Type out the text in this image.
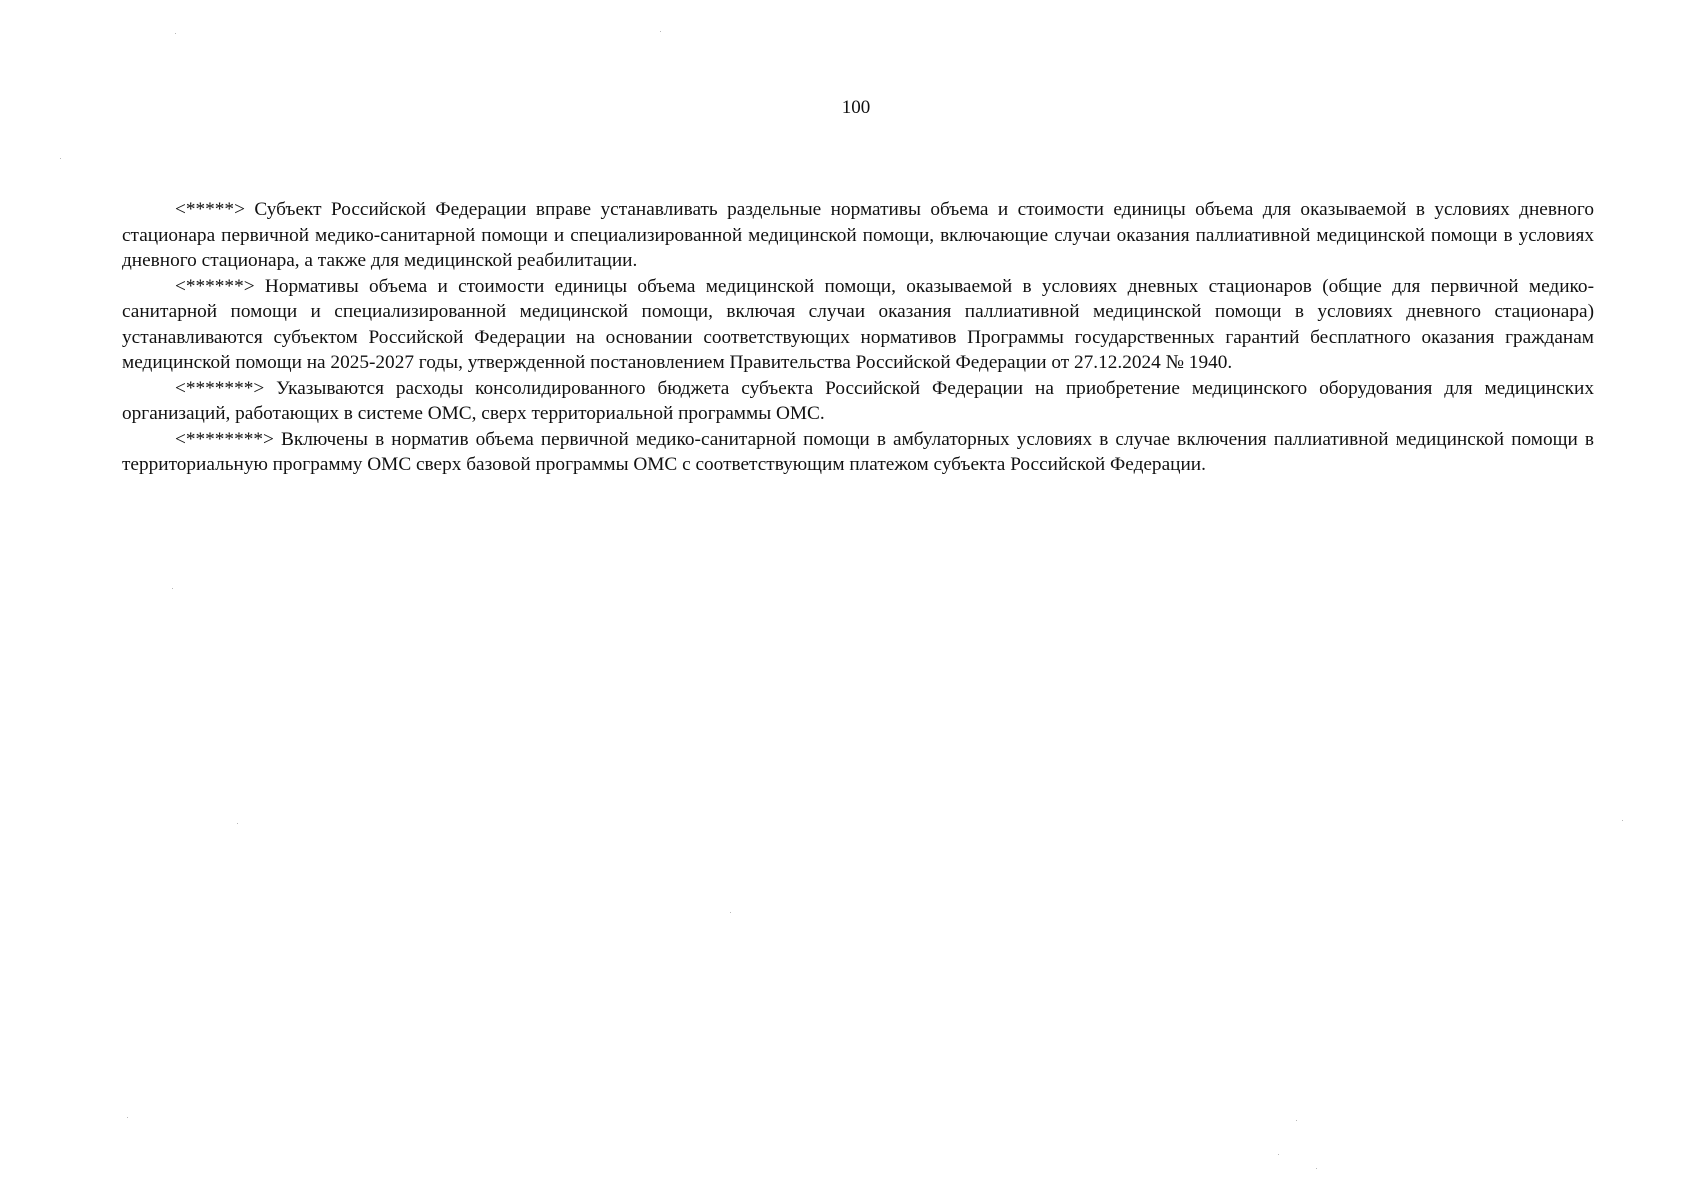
100

<*****> Субъект Российской Федерации вправе устанавливать раздельные нормативы объема и стоимости единицы объема для оказываемой в условиях дневного стационара первичной медико-санитарной помощи и специализированной медицинской помощи, включающие случаи оказания паллиативной медицинской помощи в условиях дневного стационара, а также для медицинской реабилитации.

<******> Нормативы объема и стоимости единицы объема медицинской помощи, оказываемой в условиях дневных стационаров (общие для первичной медико-санитарной помощи и специализированной медицинской помощи, включая случаи оказания паллиативной медицинской помощи в условиях дневного стационара) устанавливаются субъектом Российской Федерации на основании соответствующих нормативов Программы государственных гарантий бесплатного оказания гражданам медицинской помощи на 2025-2027 годы, утвержденной постановлением Правительства Российской Федерации от 27.12.2024 № 1940.

<*******> Указываются расходы консолидированного бюджета субъекта Российской Федерации на приобретение медицинского оборудования для медицинских организаций, работающих в системе ОМС, сверх территориальной программы ОМС.

<********> Включены в норматив объема первичной медико-санитарной помощи в амбулаторных условиях в случае включения паллиативной медицинской помощи в территориальную программу ОМС сверх базовой программы ОМС с соответствующим платежом субъекта Российской Федерации.
